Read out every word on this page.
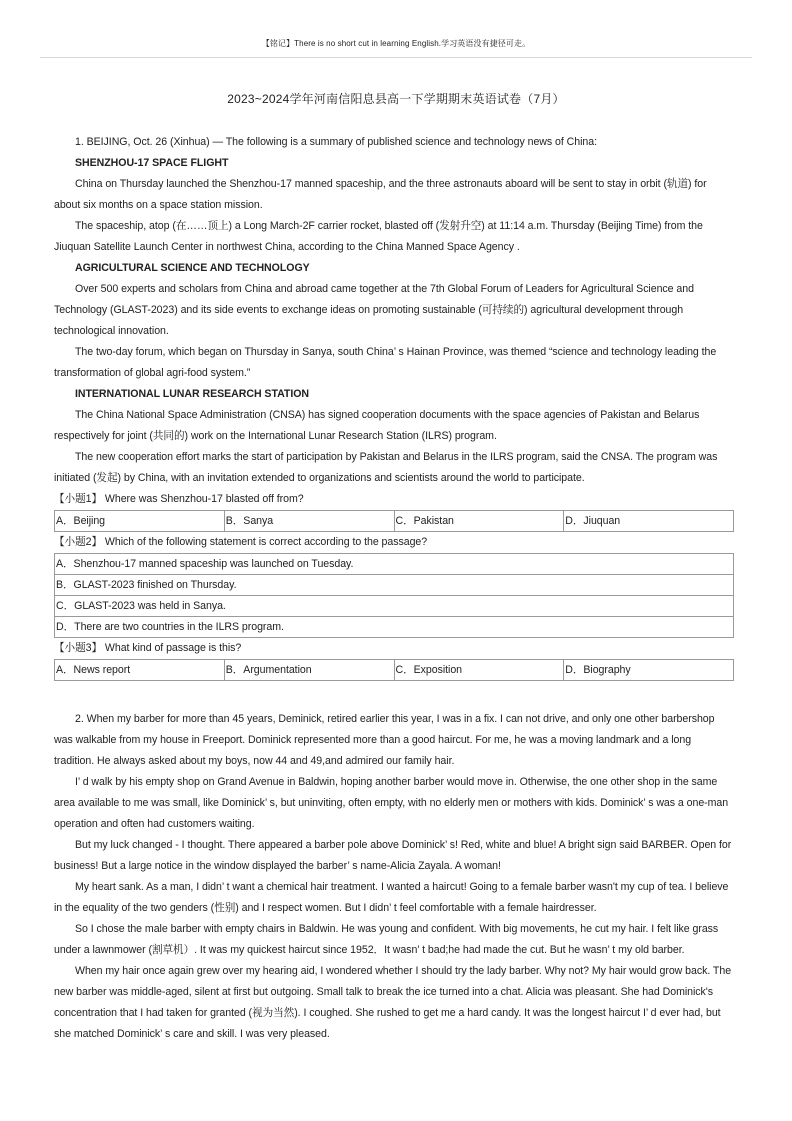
【铭记】There is no short cut in learning English.学习英语没有捷径可走。
2023~2024学年河南信阳息县高一下学期期末英语试卷（7月）

1. BEIJING, Oct. 26 (Xinhua) — The following is a summary of published science and technology news of China:

SHENZHOU-17 SPACE FLIGHT

China on Thursday launched the Shenzhou-17 manned spaceship, and the three astronauts aboard will be sent to stay in orbit (轨道) for about six months on a space station mission.

The spaceship, atop (在……顶上) a Long March-2F carrier rocket, blasted off (发射升空) at 11:14 a.m. Thursday (Beijing Time) from the Jiuquan Satellite Launch Center in northwest China, according to the China Manned Space Agency .

AGRICULTURAL SCIENCE AND TECHNOLOGY

Over 500 experts and scholars from China and abroad came together at the 7th Global Forum of Leaders for Agricultural Science and Technology (GLAST-2023) and its side events to exchange ideas on promoting sustainable (可持续的) agricultural development through technological innovation.

The two-day forum, which began on Thursday in Sanya, south China’ s Hainan Province, was themed “science and technology leading the transformation of global agri-food system.”

INTERNATIONAL LUNAR RESEARCH STATION

The China National Space Administration (CNSA) has signed cooperation documents with the space agencies of Pakistan and Belarus respectively for joint (共同的) work on the International Lunar Research Station (ILRS) program.

The new cooperation effort marks the start of participation by Pakistan and Belarus in the ILRS program, said the CNSA. The program was initiated (发起) by China, with an invitation extended to organizations and scientists around the world to participate.

【小题1】 Where was Shenzhou-17 blasted off from?

A．Beijing	B．Sanya	C．Pakistan	D．Jiuquan

【小题2】 Which of the following statement is correct according to the passage?

A．Shenzhou-17 manned spaceship was launched on Tuesday.
B．GLAST-2023 finished on Thursday.
C．GLAST-2023 was held in Sanya.
D．There are two countries in the ILRS program.

【小题3】 What kind of passage is this?

A．News report	B．Argumentation	C．Exposition	D．Biography

2. When my barber for more than 45 years, Deminick, retired earlier this year, I was in a fix. I can not drive, and only one other barbershop was walkable from my house in Freeport. Dominick represented more than a good haircut. For me, he was a moving landmark and a long tradition. He always asked about my boys, now 44 and 49,and admired our family hair.

I’ d walk by his empty shop on Grand Avenue in Baldwin, hoping another barber would move in. Otherwise, the one other shop in the same area available to me was small, like Dominick’ s, but uninviting, often empty, with no elderly men or mothers with kids. Dominick’ s was a one-man operation and often had customers waiting.

But my luck changed - I thought. There appeared a barber pole above Dominick’ s! Red, white and blue! A bright sign said BARBER. Open for business! But a large notice in the window displayed the barber’ s name-Alicia Zayala. A woman!

My heart sank. As a man, I didn’ t want a chemical hair treatment. I wanted a haircut! Going to a female barber wasn't my cup of tea. I believe in the equality of the two genders (性别) and I respect women. But I didn’ t feel comfortable with a female hairdresser.

So I chose the male barber with empty chairs in Baldwin. He was young and confident. With big movements, he cut my hair. I felt like grass under a lawnmower (割草机）. It was my quickest haircut since 1952．It wasn’ t bad;he had made the cut. But he wasn’ t my old barber.

When my hair once again grew over my hearing aid, I wondered whether I should try the lady barber. Why not? My hair would grow back. The new barber was middle-aged, silent at first but outgoing. Small talk to break the ice turned into a chat. Alicia was pleasant. She had Dominick's concentration that I had taken for granted (视为当然). I coughed. She rushed to get me a hard candy. It was the longest haircut I’ d ever had, but she matched Dominick’ s care and skill. I was very pleased.
